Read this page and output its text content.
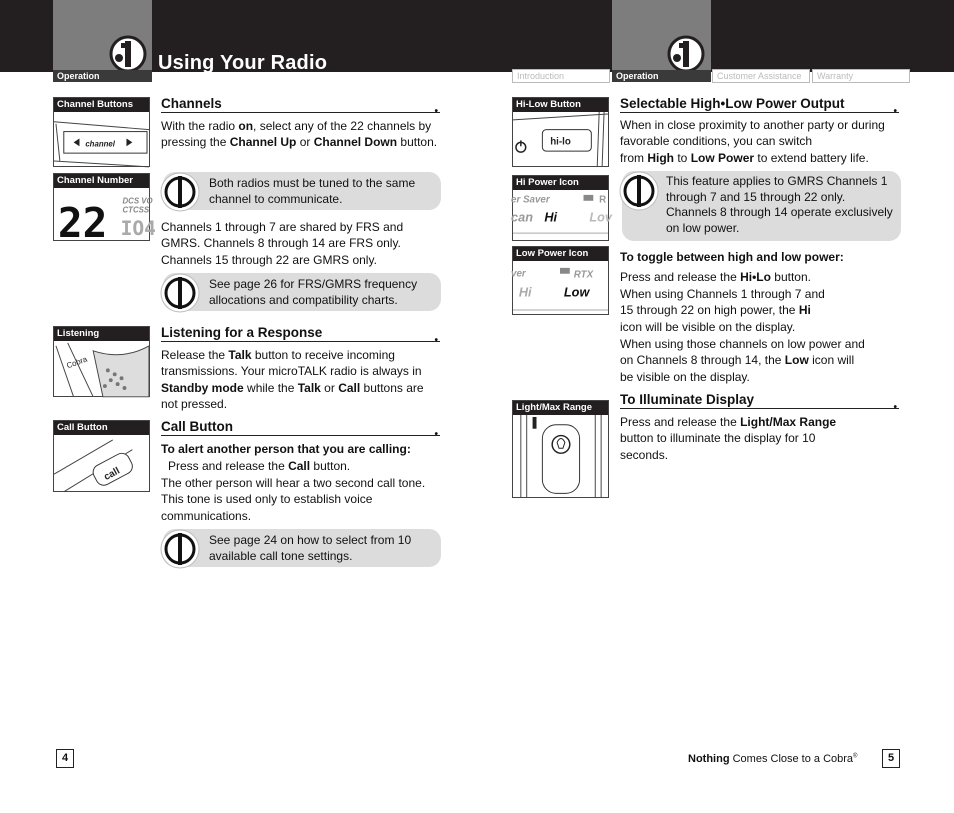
Using Your Radio
Operation	Operation
Introduction	Customer Assistance	Warranty
Channel Buttons
channel
Channel Number
22 DCS VO
CTCSS
IO4
Listening
Cobra
Call Button
call
Channels
•
With the radio on, select any of the 22 channels by pressing the Channel Up or Channel Down button.
Both radios must be tuned to the same channel to communicate.
Channels 1 through 7 are shared by FRS and GMRS. Channels 8 through 14 are FRS only. Channels 15 through 22 are GMRS only.
See page 26 for FRS/GMRS frequency allocations and compatibility charts.
Listening for a Response
•
Release the Talk button to receive incoming transmissions. Your microTALK radio is always in Standby mode while the Talk or Call buttons are not pressed.
Call Button
•
To alert another person that you are calling:
Press and release the Call button.
The other person will hear a two second call tone. This tone is used only to establish voice communications.
See page 24 on how to select from 10 available call tone settings.
4
Hi-Low Button
hi-lo
Hi Power Icon
er Saver	R
can Hi Lov
Low Power Icon
ver	RTX
Hi Low
Light/Max Range
Selectable High•Low Power Output
•
When in close proximity to another party or during favorable conditions, you can switch
from High to Low Power to extend battery life.
This feature applies to GMRS Channels 1 through 7 and 15 through 22 only. Channels 8 through 14 operate exclusively on low power.
To toggle between high and low power:
Press and release the Hi•Lo button.
When using Channels 1 through 7 and 15 through 22 on high power, the Hi icon will be visible on the display.
When using those channels on low power and on Channels 8 through 14, the Low icon will be visible on the display.
To Illuminate Display
•
Press and release the Light/Max Range button to illuminate the display for 10 seconds.
Nothing Comes Close to a Cobra®	5
